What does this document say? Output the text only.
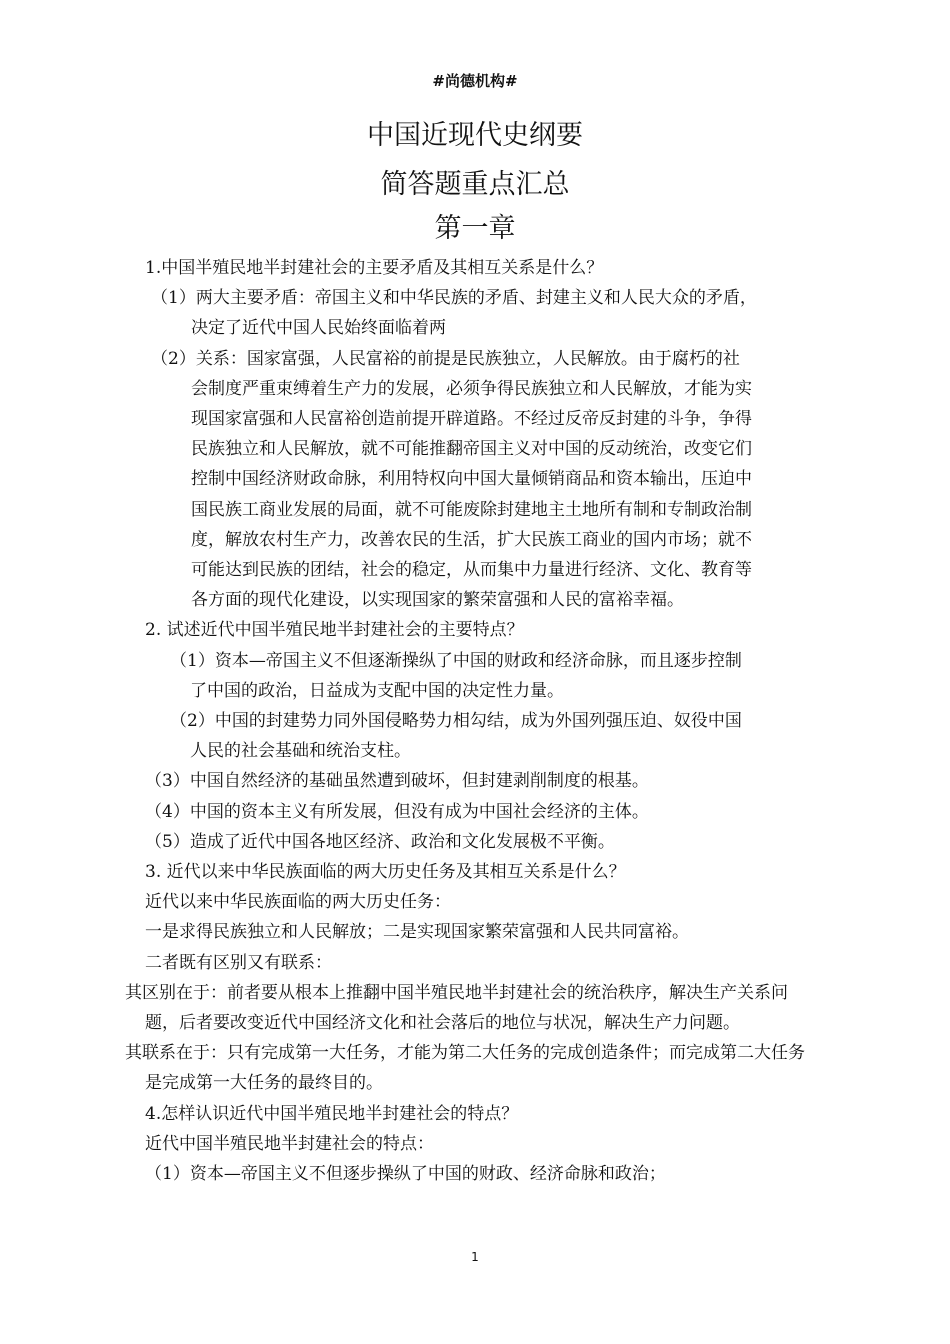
#尚德机构#
中国近现代史纲要
简答题重点汇总
第一章

1.中国半殖民地半封建社会的主要矛盾及其相互关系是什么？

（1）两大主要矛盾：帝国主义和中华民族的矛盾、封建主义和人民大众的矛盾，

决定了近代中国人民始终面临着两

（2）关系：国家富强，人民富裕的前提是民族独立，人民解放。由于腐朽的社

会制度严重束缚着生产力的发展，必须争得民族独立和人民解放，才能为实

现国家富强和人民富裕创造前提开辟道路。不经过反帝反封建的斗争，争得

民族独立和人民解放，就不可能推翻帝国主义对中国的反动统治，改变它们

控制中国经济财政命脉，利用特权向中国大量倾销商品和资本输出，压迫中

国民族工商业发展的局面，就不可能废除封建地主土地所有制和专制政治制

度，解放农村生产力，改善农民的生活，扩大民族工商业的国内市场；就不

可能达到民族的团结，社会的稳定，从而集中力量进行经济、文化、教育等

各方面的现代化建设，以实现国家的繁荣富强和人民的富裕幸福。

2. 试述近代中国半殖民地半封建社会的主要特点？

（1）资本—帝国主义不但逐渐操纵了中国的财政和经济命脉，而且逐步控制

了中国的政治，日益成为支配中国的决定性力量。

（2）中国的封建势力同外国侵略势力相勾结，成为外国列强压迫、奴役中国

人民的社会基础和统治支柱。

（3）中国自然经济的基础虽然遭到破坏，但封建剥削制度的根基。

（4）中国的资本主义有所发展，但没有成为中国社会经济的主体。

（5）造成了近代中国各地区经济、政治和文化发展极不平衡。

3. 近代以来中华民族面临的两大历史任务及其相互关系是什么？

近代以来中华民族面临的两大历史任务：

一是求得民族独立和人民解放；二是实现国家繁荣富强和人民共同富裕。

二者既有区别又有联系：

其区别在于：前者要从根本上推翻中国半殖民地半封建社会的统治秩序，解决生产关系问题，后者要改变近代中国经济文化和社会落后的地位与状况，解决生产力问题。

其联系在于：只有完成第一大任务，才能为第二大任务的完成创造条件；而完成第二大任务是完成第一大任务的最终目的。

4.怎样认识近代中国半殖民地半封建社会的特点？

近代中国半殖民地半封建社会的特点：

（1）资本—帝国主义不但逐步操纵了中国的财政、经济命脉和政治；

1
